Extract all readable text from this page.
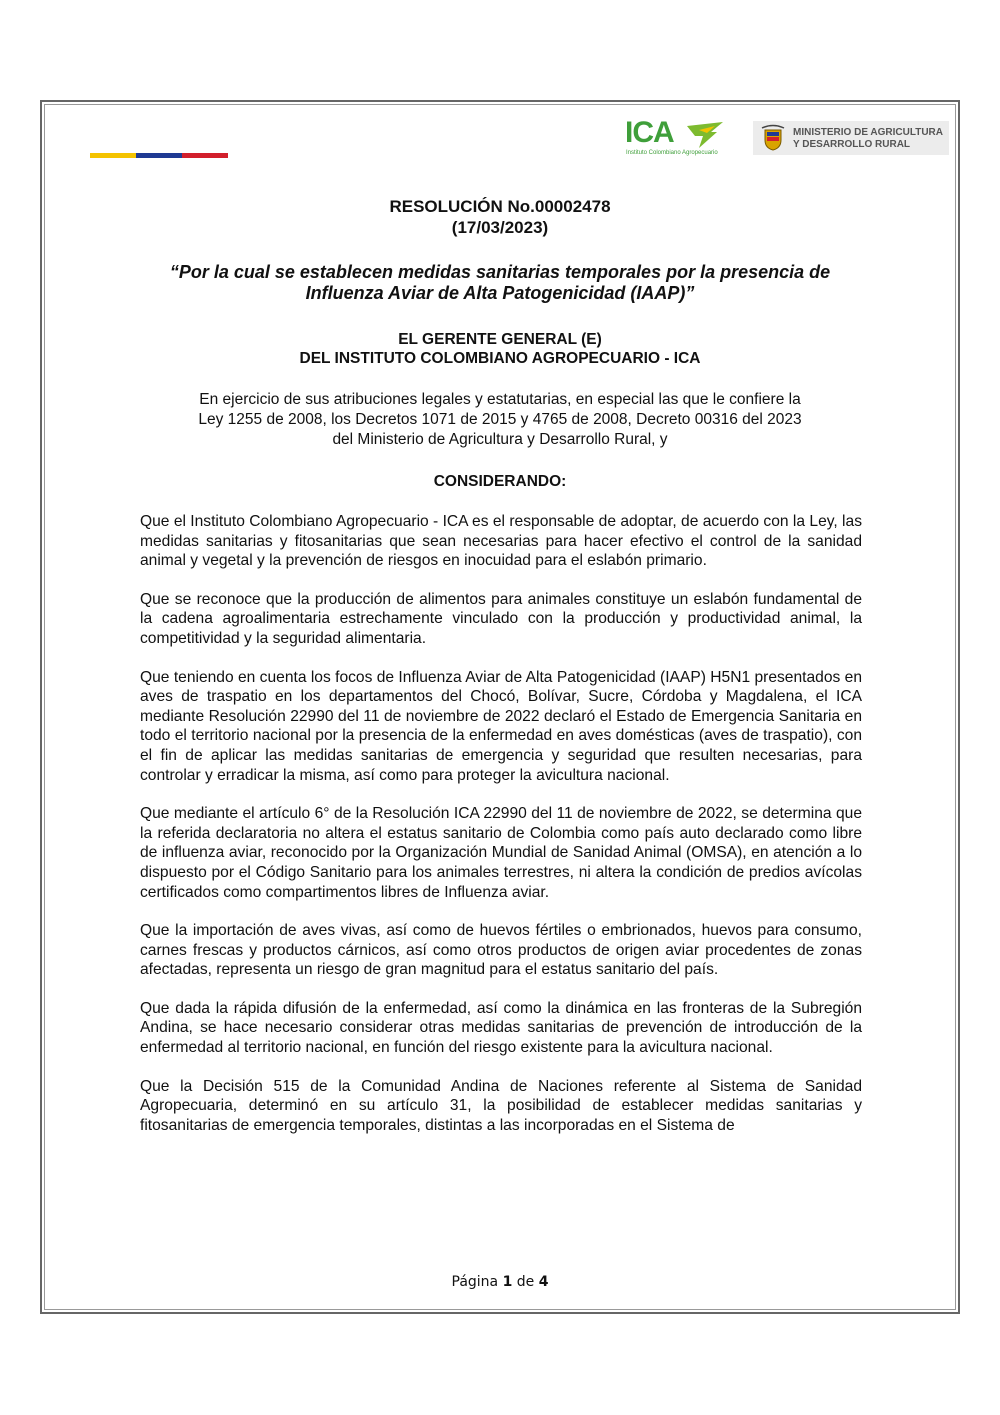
ICA
Instituto Colombiano Agropecuario
MINISTERIO DE AGRICULTURA
Y DESARROLLO RURAL
RESOLUCIÓN No.00002478
(17/03/2023)
“Por la cual se establecen medidas sanitarias temporales por la presencia de
Influenza Aviar de Alta Patogenicidad (IAAP)”
EL GERENTE GENERAL (E)
DEL INSTITUTO COLOMBIANO AGROPECUARIO - ICA
En ejercicio de sus atribuciones legales y estatutarias, en especial las que le confiere la
Ley 1255 de 2008, los Decretos 1071 de 2015 y 4765 de 2008, Decreto 00316 del 2023
del Ministerio de Agricultura y Desarrollo Rural, y
CONSIDERANDO:

Que el Instituto Colombiano Agropecuario - ICA es el responsable de adoptar, de acuerdo con la Ley, las medidas sanitarias y fitosanitarias que sean necesarias para hacer efectivo el control de la sanidad animal y vegetal y la prevención de riesgos en inocuidad para el eslabón primario.

Que se reconoce que la producción de alimentos para animales constituye un eslabón fundamental de la cadena agroalimentaria estrechamente vinculado con la producción y productividad animal, la competitividad y la seguridad alimentaria.

Que teniendo en cuenta los focos de Influenza Aviar de Alta Patogenicidad (IAAP) H5N1 presentados en aves de traspatio en los departamentos del Chocó, Bolívar, Sucre, Córdoba y Magdalena, el ICA mediante Resolución 22990 del 11 de noviembre de 2022 declaró el Estado de Emergencia Sanitaria en todo el territorio nacional por la presencia de la enfermedad en aves domésticas (aves de traspatio), con el fin de aplicar las medidas sanitarias de emergencia y seguridad que resulten necesarias, para controlar y erradicar la misma, así como para proteger la avicultura nacional.

Que mediante el artículo 6° de la Resolución ICA 22990 del 11 de noviembre de 2022, se determina que la referida declaratoria no altera el estatus sanitario de Colombia como país auto declarado como libre de influenza aviar, reconocido por la Organización Mundial de Sanidad Animal (OMSA), en atención a lo dispuesto por el Código Sanitario para los animales terrestres, ni altera la condición de predios avícolas certificados como compartimentos libres de Influenza aviar.

Que la importación de aves vivas, así como de huevos fértiles o embrionados, huevos para consumo, carnes frescas y productos cárnicos, así como otros productos de origen aviar procedentes de zonas afectadas, representa un riesgo de gran magnitud para el estatus sanitario del país.

Que dada la rápida difusión de la enfermedad, así como la dinámica en las fronteras de la Subregión Andina, se hace necesario considerar otras medidas sanitarias de prevención de introducción de la enfermedad al territorio nacional, en función del riesgo existente para la avicultura nacional.

Que la Decisión 515 de la Comunidad Andina de Naciones referente al Sistema de Sanidad Agropecuaria, determinó en su artículo 31, la posibilidad de establecer medidas sanitarias y fitosanitarias de emergencia temporales, distintas a las incorporadas en el Sistema de

Página 1 de 4
